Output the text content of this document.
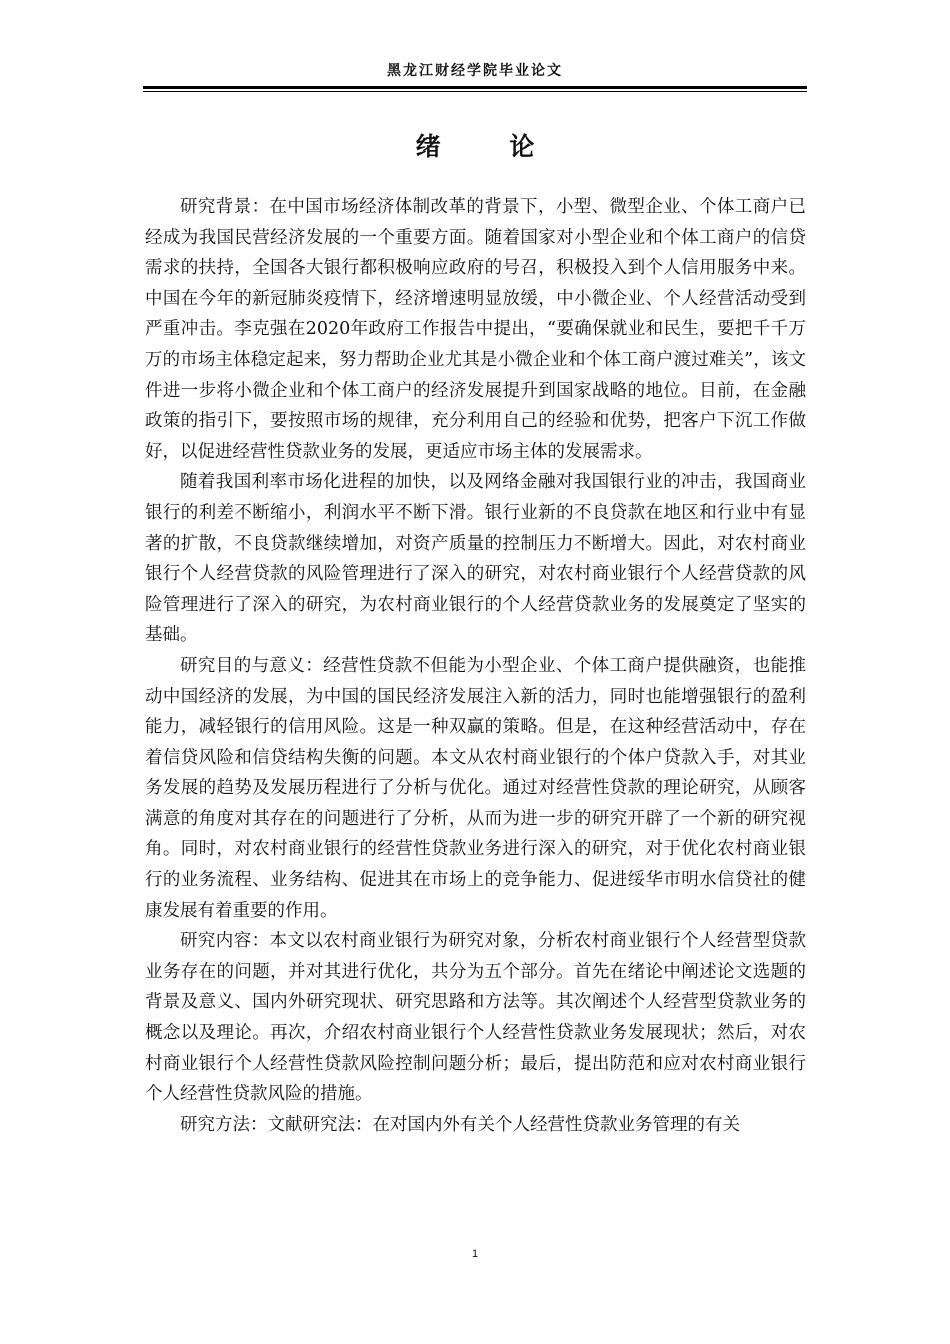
黑龙江财经学院毕业论文
绪 论

研究背景：在中国市场经济体制改革的背景下，小型、微型企业、个体工商户已经成为我国民营经济发展的一个重要方面。随着国家对小型企业和个体工商户的信贷需求的扶持，全国各大银行都积极响应政府的号召，积极投入到个人信用服务中来。中国在今年的新冠肺炎疫情下，经济增速明显放缓，中小微企业、个人经营活动受到严重冲击。李克强在2020年政府工作报告中提出，“要确保就业和民生，要把千千万万的市场主体稳定起来，努力帮助企业尤其是小微企业和个体工商户渡过难关”，该文件进一步将小微企业和个体工商户的经济发展提升到国家战略的地位。目前，在金融政策的指引下，要按照市场的规律，充分利用自己的经验和优势，把客户下沉工作做好，以促进经营性贷款业务的发展，更适应市场主体的发展需求。

随着我国利率市场化进程的加快，以及网络金融对我国银行业的冲击，我国商业银行的利差不断缩小，利润水平不断下滑。银行业新的不良贷款在地区和行业中有显著的扩散，不良贷款继续增加，对资产质量的控制压力不断增大。因此，对农村商业银行个人经营贷款的风险管理进行了深入的研究，对农村商业银行个人经营贷款的风险管理进行了深入的研究，为农村商业银行的个人经营贷款业务的发展奠定了坚实的基础。

研究目的与意义：经营性贷款不但能为小型企业、个体工商户提供融资，也能推动中国经济的发展，为中国的国民经济发展注入新的活力，同时也能增强银行的盈利能力，减轻银行的信用风险。这是一种双赢的策略。但是，在这种经营活动中，存在着信贷风险和信贷结构失衡的问题。本文从农村商业银行的个体户贷款入手，对其业务发展的趋势及发展历程进行了分析与优化。通过对经营性贷款的理论研究，从顾客满意的角度对其存在的问题进行了分析，从而为进一步的研究开辟了一个新的研究视角。同时，对农村商业银行的经营性贷款业务进行深入的研究，对于优化农村商业银行的业务流程、业务结构、促进其在市场上的竞争能力、促进绥华市明水信贷社的健康发展有着重要的作用。

研究内容：本文以农村商业银行为研究对象，分析农村商业银行个人经营型贷款业务存在的问题，并对其进行优化，共分为五个部分。首先在绪论中阐述论文选题的背景及意义、国内外研究现状、研究思路和方法等。其次阐述个人经营型贷款业务的概念以及理论。再次，介绍农村商业银行个人经营性贷款业务发展现状；然后，对农村商业银行个人经营性贷款风险控制问题分析；最后，提出防范和应对农村商业银行个人经营性贷款风险的措施。

研究方法：文献研究法：在对国内外有关个人经营性贷款业务管理的有关

1
